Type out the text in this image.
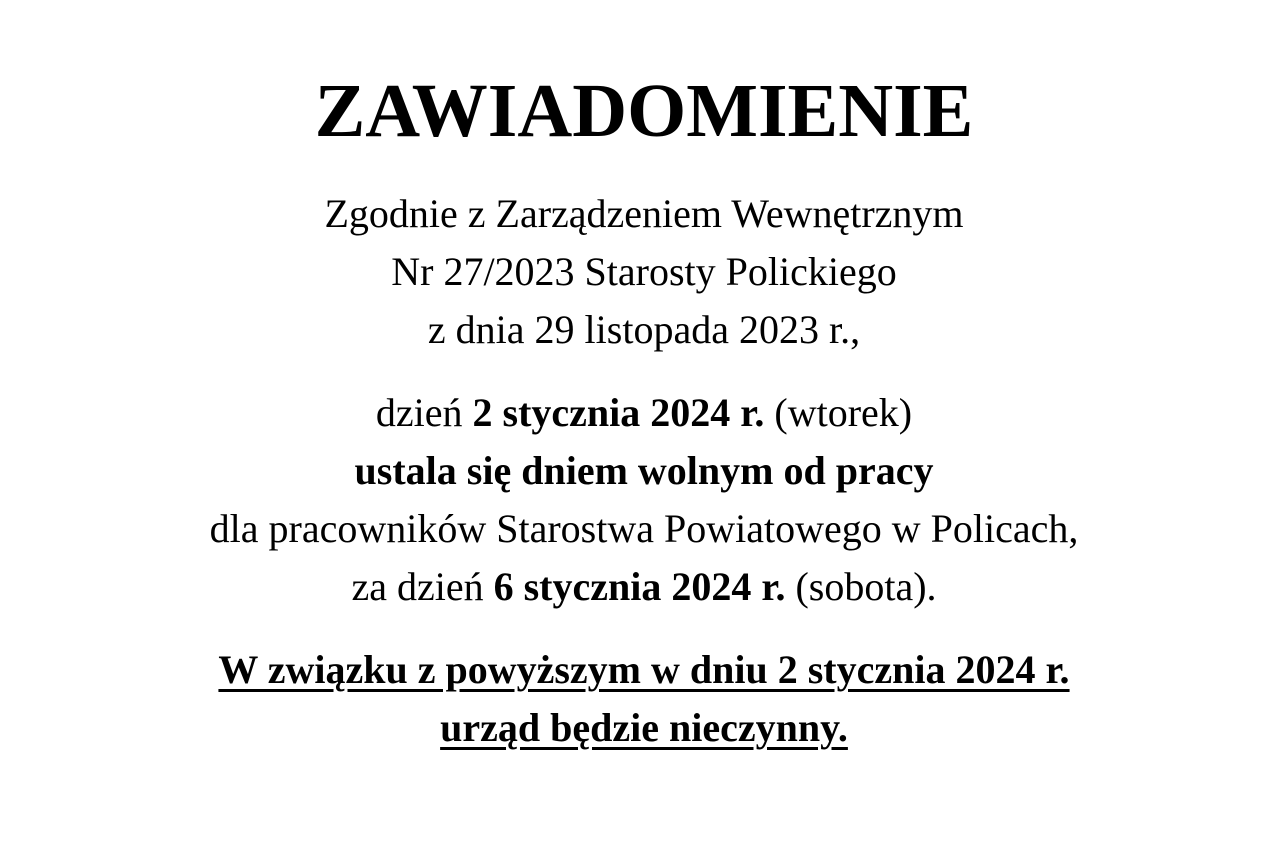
ZAWIADOMIENIE
Zgodnie z Zarządzeniem Wewnętrznym
Nr 27/2023 Starosty Polickiego
z dnia 29 listopada 2023 r.,
dzień 2 stycznia 2024 r. (wtorek)
ustala się dniem wolnym od pracy
dla pracowników Starostwa Powiatowego w Policach,
za dzień 6 stycznia 2024 r. (sobota).
W związku z powyższym w dniu 2 stycznia 2024 r.
urząd będzie nieczynny.
